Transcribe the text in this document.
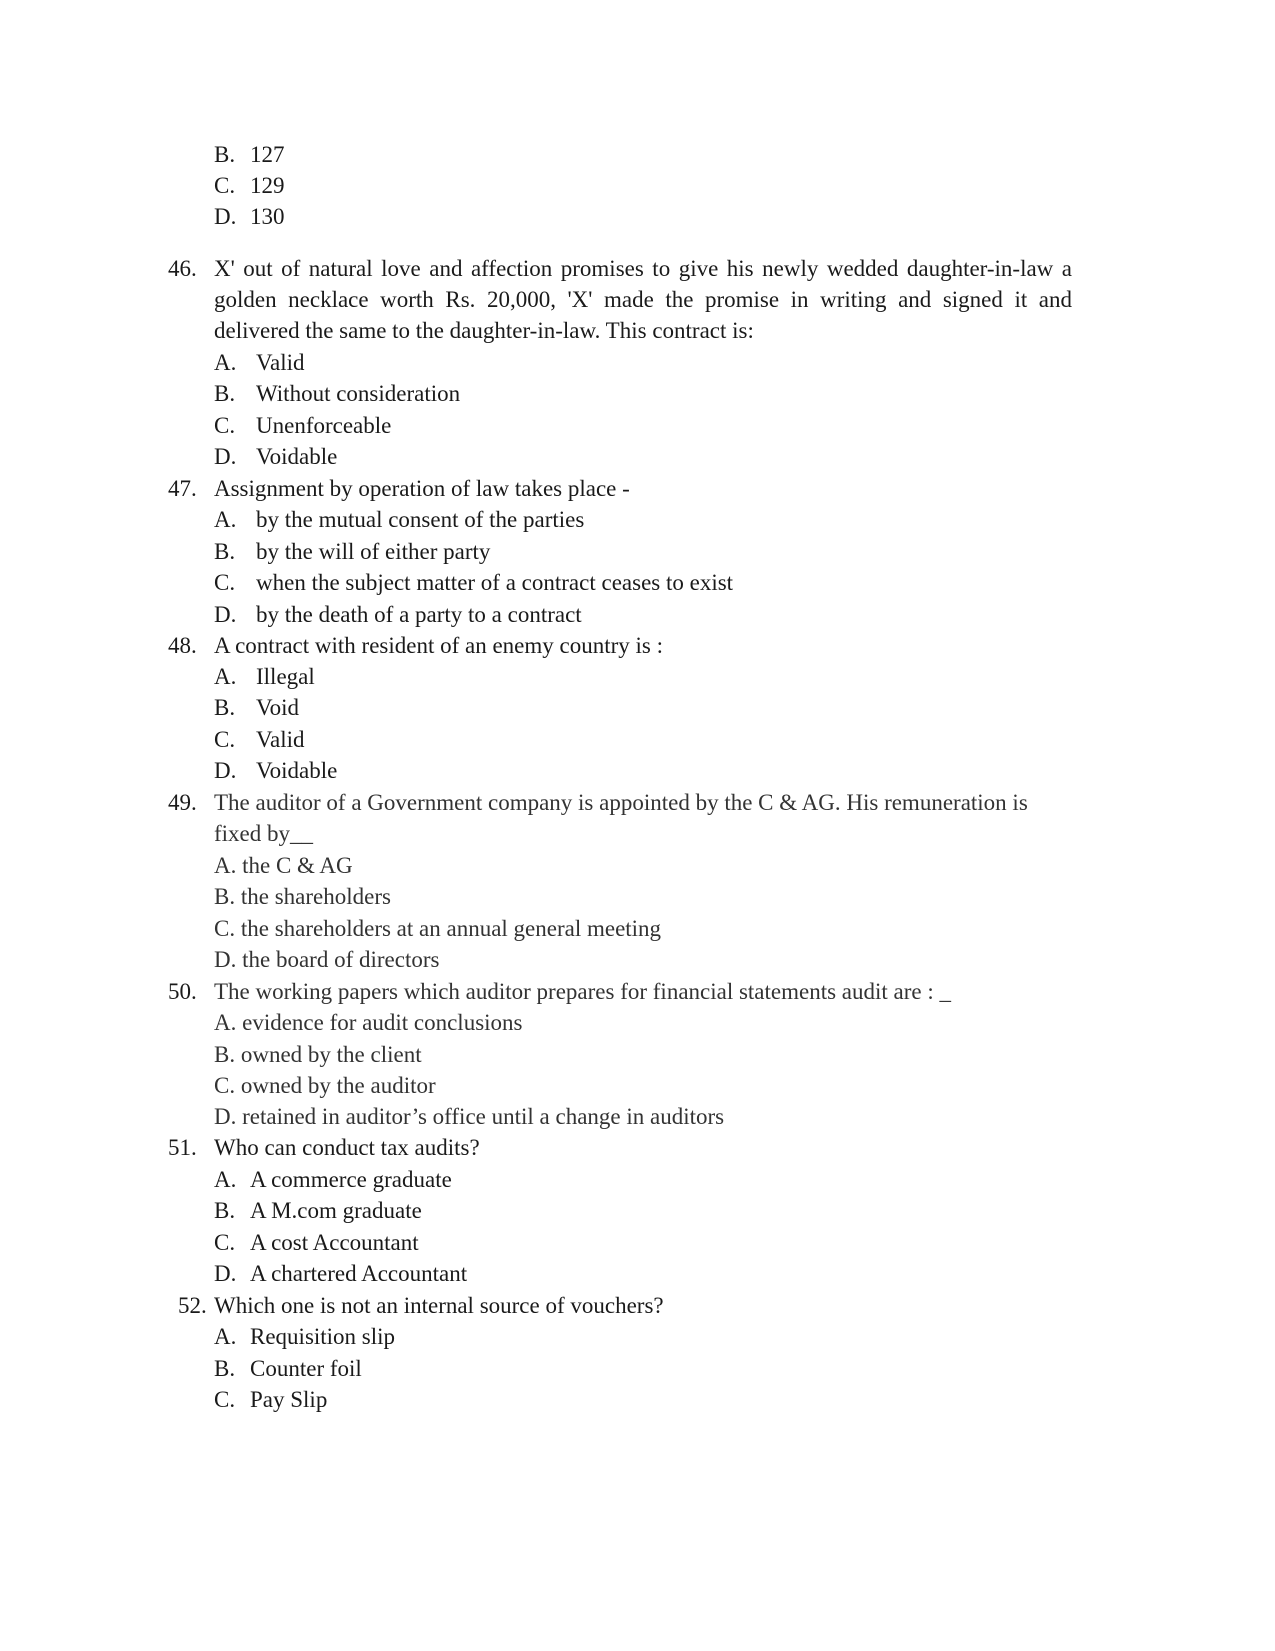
B. 127
C. 129
D. 130
46. X' out of natural love and affection promises to give his newly wedded daughter-in-law a
golden necklace worth Rs. 20,000, 'X' made the promise in writing and signed it and
delivered the same to the daughter-in-law. This contract is:
A. Valid
B. Without consideration
C. Unenforceable
D. Voidable
47. Assignment by operation of law takes place -
A. by the mutual consent of the parties
B. by the will of either party
C. when the subject matter of a contract ceases to exist
D. by the death of a party to a contract
48. A contract with resident of an enemy country is :
A. Illegal
B. Void
C. Valid
D. Voidable
49. The auditor of a Government company is appointed by the C & AG. His remuneration is
fixed by__
A. the C & AG
B. the shareholders
C. the shareholders at an annual general meeting
D. the board of directors
50. The working papers which auditor prepares for financial statements audit are : _
A. evidence for audit conclusions
B. owned by the client
C. owned by the auditor
D. retained in auditor’s office until a change in auditors
51. Who can conduct tax audits?
A. A commerce graduate
B. A M.com graduate
C. A cost Accountant
D. A chartered Accountant
52. Which one is not an internal source of vouchers?
A. Requisition slip
B. Counter foil
C. Pay Slip
